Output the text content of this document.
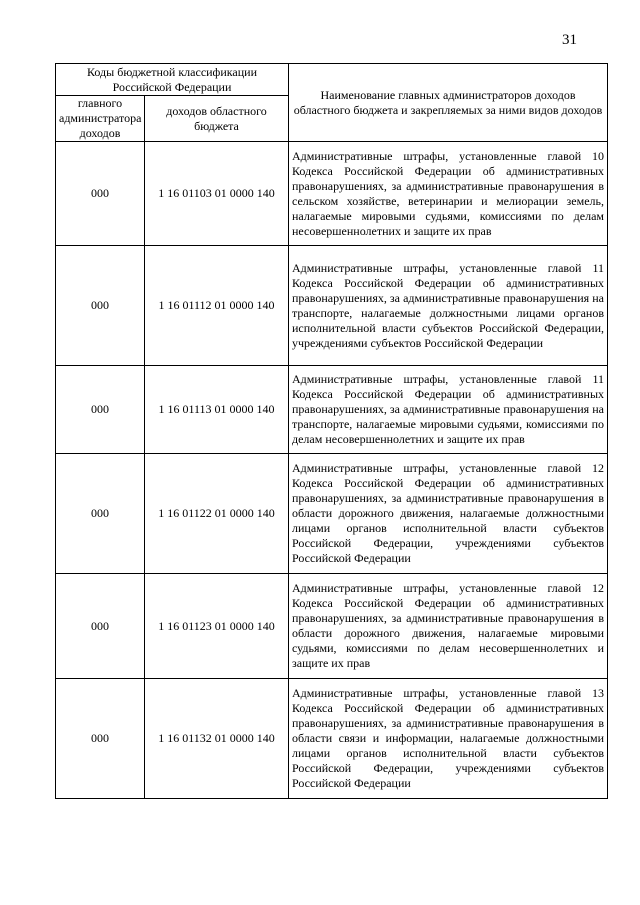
31
Коды бюджетной классификации Российской Федерации		Наименование главных администраторов доходов областного бюджета и закрепляемых за ними видов доходов
главного администратора доходов	доходов областного бюджета	
000	1 16 01103 01 0000 140	Административные штрафы, установленные главой 10 Кодекса Российской Федерации об административных правонарушениях, за административные правонарушения в сельском хозяйстве, ветеринарии и мелиорации земель, налагаемые мировыми судьями, комиссиями по делам несовершеннолетних и защите их прав
000	1 16 01112 01 0000 140	Административные штрафы, установленные главой 11 Кодекса Российской Федерации об административных правонарушениях, за административные правонарушения на транспорте, налагаемые должностными лицами органов исполнительной власти субъектов Российской Федерации, учреждениями субъектов Российской Федерации
000	1 16 01113 01 0000 140	Административные штрафы, установленные главой 11 Кодекса Российской Федерации об административных правонарушениях, за административные правонарушения на транспорте, налагаемые мировыми судьями, комиссиями по делам несовершеннолетних и защите их прав
000	1 16 01122 01 0000 140	Административные штрафы, установленные главой 12 Кодекса Российской Федерации об административных правонарушениях, за административные правонарушения в области дорожного движения, налагаемые должностными лицами органов исполнительной власти субъектов Российской Федерации, учреждениями субъектов Российской Федерации
000	1 16 01123 01 0000 140	Административные штрафы, установленные главой 12 Кодекса Российской Федерации об административных правонарушениях, за административные правонарушения в области дорожного движения, налагаемые мировыми судьями, комиссиями по делам несовершеннолетних и защите их прав
000	1 16 01132 01 0000 140	Административные штрафы, установленные главой 13 Кодекса Российской Федерации об административных правонарушениях, за административные правонарушения в области связи и информации, налагаемые должностными лицами органов исполнительной власти субъектов Российской Федерации, учреждениями субъектов Российской Федерации
